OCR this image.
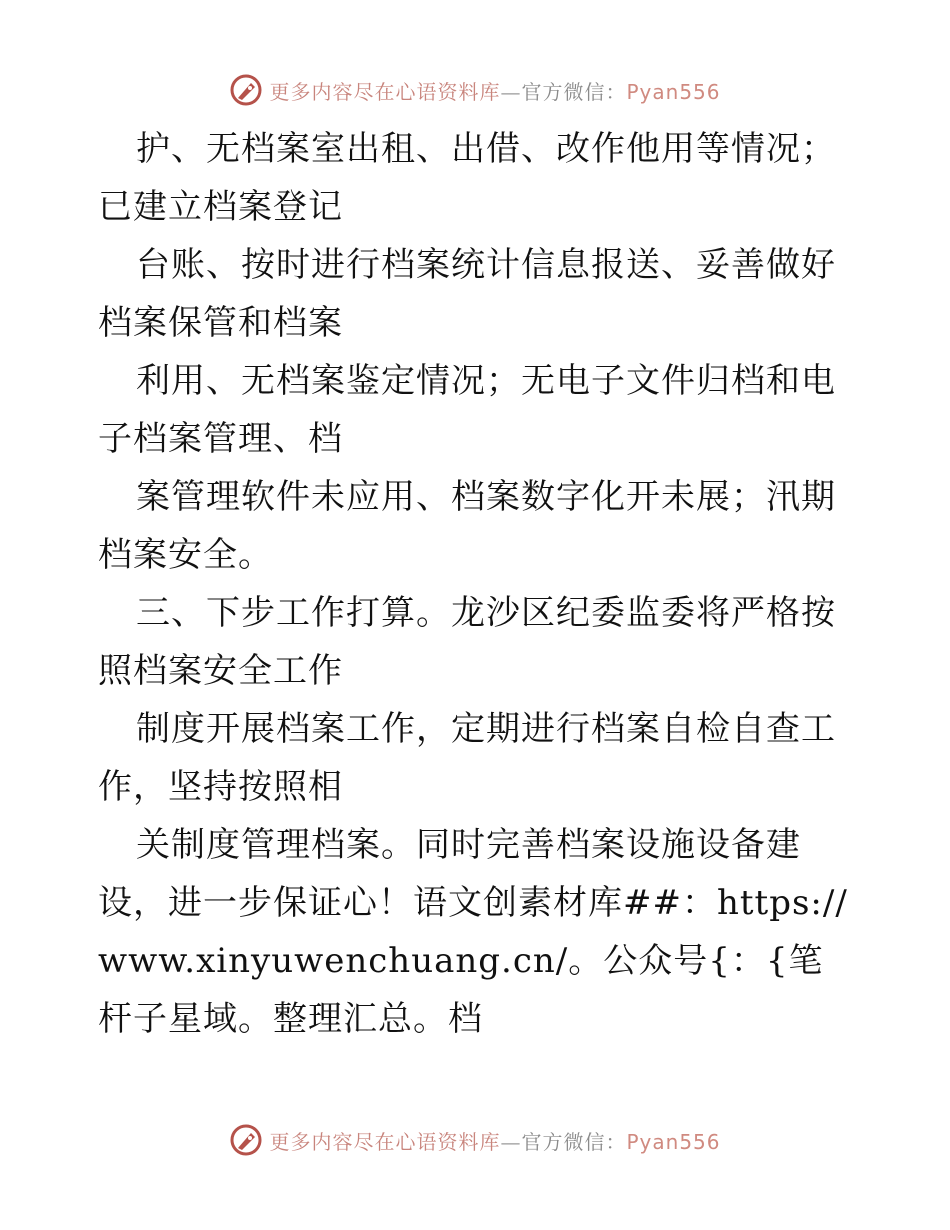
更多内容尽在心语资料库—官方微信：Pyan556

护、无档案室出租、出借、改作他用等情况；已建立档案登记

台账、按时进行档案统计信息报送、妥善做好档案保管和档案

利用、无档案鉴定情况；无电子文件归档和电子档案管理、档

案管理软件未应用、档案数字化开未展；汛期档案安全。

三、下步工作打算。龙沙区纪委监委将严格按照档案安全工作

制度开展档案工作，定期进行档案自检自查工作，坚持按照相

关制度管理档案。同时完善档案设施设备建设，进一步保证心！语文创素材库##：https://www.xinyuwenchuang.cn/。公众号{：{笔杆子星域。整理汇总。档

更多内容尽在心语资料库—官方微信：Pyan556
